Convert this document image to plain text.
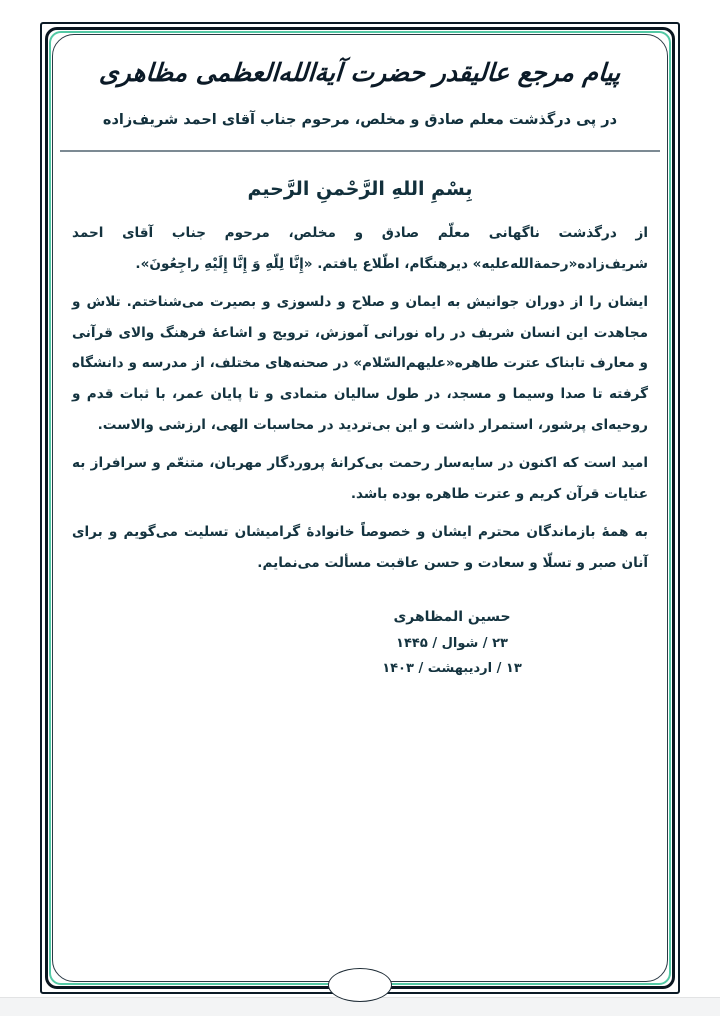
پیام مرجع عالیقدر حضرت آیة‌الله‌العظمی مظاهری
در پی درگذشت معلم صادق و مخلص، مرحوم جناب آقای احمد شریف‌زاده
بِسْمِ اللهِ الرَّحْمنِ الرَّحیم

از درگذشت ناگهانی معلّم صادق و مخلص، مرحوم جناب آقای احمد شریف‌زاده«رحمة‌الله‌علیه» دیرهنگام، اطّلاع یافتم. «إِنَّا لِلّهِ وَ إِنَّا إِلَیْهِ راجِعُونَ».

ایشان را از دوران جوانیش به ایمان و صلاح و دلسوزی و بصیرت می‌شناختم. تلاش و مجاهدت این انسان شریف در راه نورانی آموزش، ترویج و اشاعهٔ فرهنگ والای قرآنی و معارف تابناک عترت طاهره«علیهم‌السّلام» در صحنه‌های مختلف، از مدرسه و دانشگاه گرفته تا صدا وسیما و مسجد، در طول سالیان متمادی و تا پایان عمر، با ثبات قدم و روحیه‌ای پرشور، استمرار داشت و این بی‌تردید در محاسبات الهی، ارزشی والاست.

امید است که اکنون در سایه‌سار رحمت بی‌کرانهٔ پروردگار مهربان، متنعّم و سرافراز به عنایات قرآن کریم و عترت طاهره بوده باشد.

به همهٔ بازماندگان محترم ایشان و خصوصاً خانوادهٔ گرامیشان تسلیت می‌گویم و برای آنان صبر و تسلّا و سعادت و حسن عاقبت مسألت می‌نمایم.

حسین المظاهری
۲۳ / شوال / ۱۴۴۵
۱۳ / اردیبهشت / ۱۴۰۳
